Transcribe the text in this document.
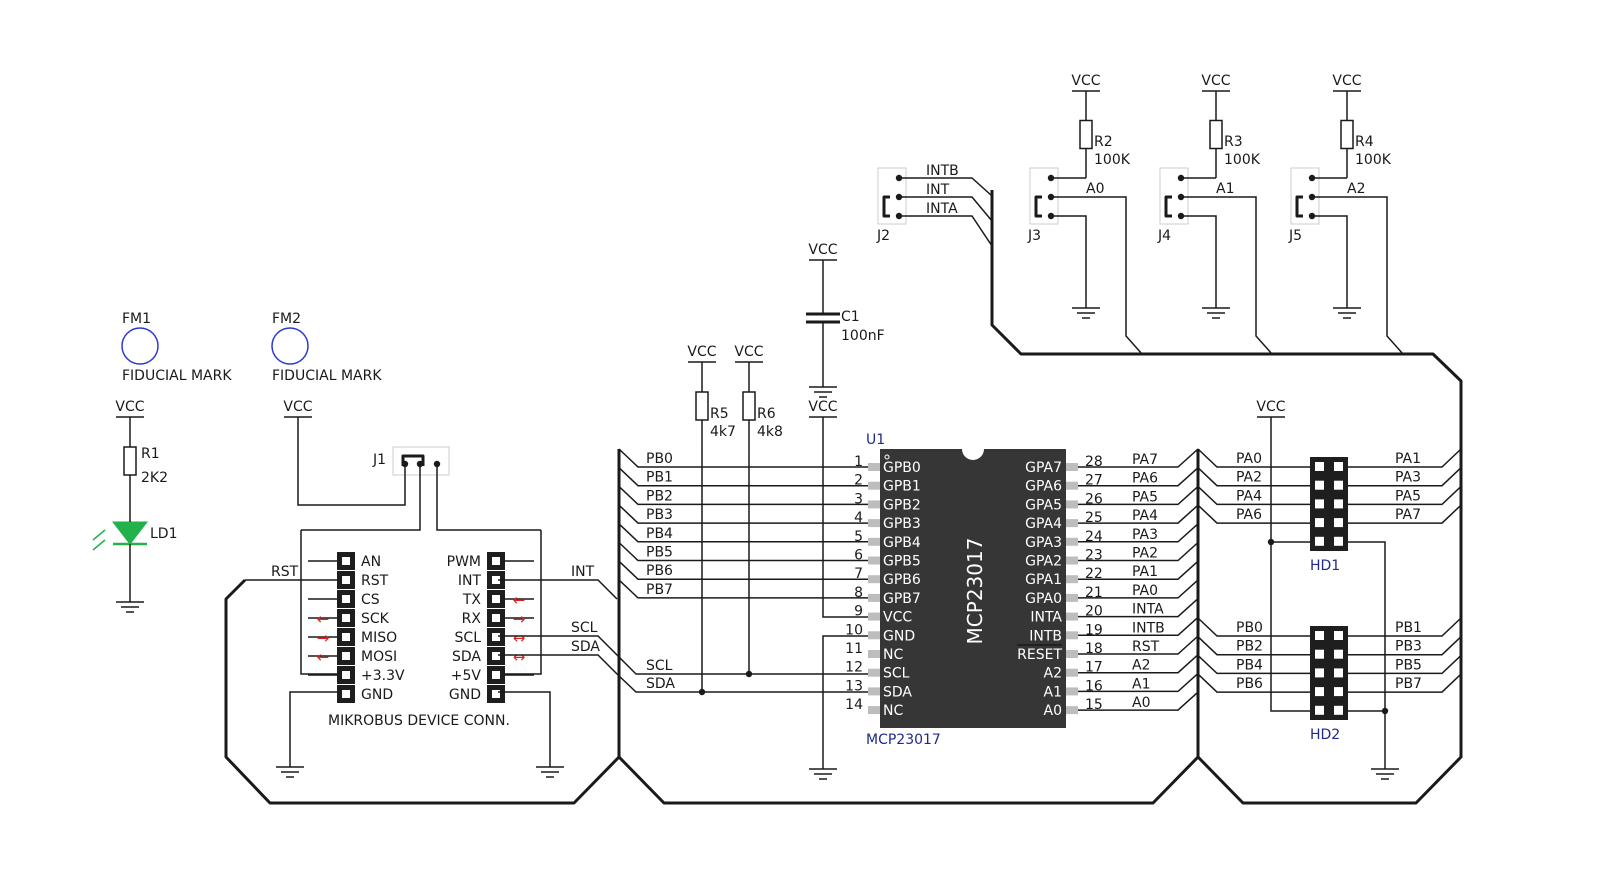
FM1
FIDUCIAL MARK
FM2
FIDUCIAL MARK
VCC
R1
2K2
LD1
VCC
J1
AN
RST
CS
SCK
MISO
MOSI
+3.3V
GND
PWM
INT
TX
RX
SCL
SDA
+5V
GND
←
→
←
←
→
↔
↔
MIKROBUS DEVICE CONN.
RST	INT
SCL
SDA
VCC VCC
R5
4k7
R6
4k8
VCC
C1
100nF
U1
MCP23017
MCP23017
1 GPB0
2 GPB1
3 GPB2
4 GPB3
5 GPB4
6 GPB5
7 GPB6
8 GPB7
9 VCC
10 GND
11 NC
12 SCL
13 SDA
14 NC
28
GPA7
27
GPA6
26
GPA5
25
GPA4
24
GPA3
23
GPA2
22
GPA1
21
GPA0
20
INTA
19
INTB
18
RESET
17
A2
16
A1
15
A0
PB0
PB1
PB2
PB3
PB4
PB5
PB6
PB7
VCC
SCL
SDA
PA7
PA6
PA5
PA4
PA3
PA2
PA1
PA0
INTA
INTB
RST
A2
A1
A0
J2
INTB
INT
INTA
VCC
R2
100K
A0
J3
VCC
R3
100K
A1
J4
VCC
R4
100K
A2
J5
PA0
PA2
PA4
PA6
PA1
PA3
PA5
PA7
HD1
PB0
PB2
PB4
PB6
PB1
PB3
PB5
PB7
HD2
VCC
